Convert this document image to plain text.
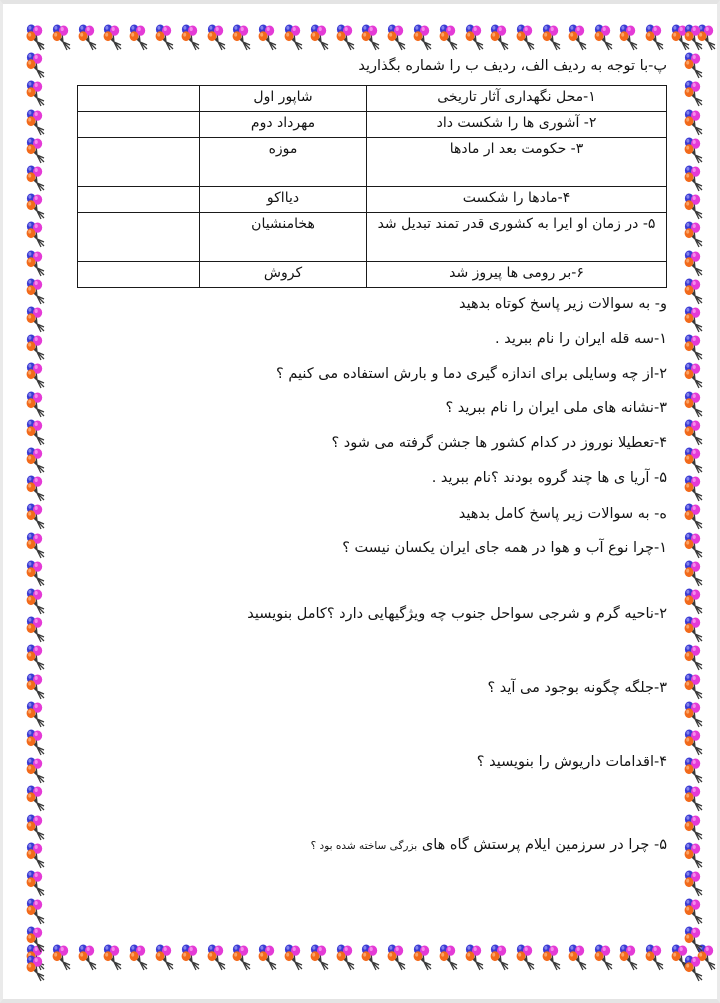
پ-با توجه به ردیف الف، ردیف ب را شماره بگذارید

۱-محل نگهداری آثار تاریخی	شاپور اول	
۲- آشوری ها را شکست داد	مهرداد دوم	
۳- حکومت بعد ار مادها	موزه	
۴-مادها را شکست	دیااکو	
۵- در زمان او ایرا به کشوری قدر تمند تبدیل شد	هخامنشیان	
۶-بر رومی ها پیروز شد	کروش	
و- به سوالات زیر پاسخ کوتاه بدهید
۱-سه قله ایران را نام ببرید .
۲-از چه وسایلی برای اندازه گیری دما و بارش استفاده می کنیم ؟
۳-نشانه های ملی ایران را نام ببرید ؟
۴-تعطیلا نوروز در کدام کشور ها جشن گرفته می شود ؟
۵- آریا ی ها چند گروه بودند ؟نام ببرید .
ه- به سوالات زیر پاسخ کامل بدهید
۱-چرا نوع آب و هوا در همه جای ایران یکسان نیست ؟
۲-ناحیه گرم و شرجی سواحل جنوب چه ویژگیهایی دارد ؟کامل بنویسید
۳-جلگه چگونه بوجود می آید ؟
۴-اقدامات داریوش را بنویسید ؟
۵- چرا در سرزمین ایلام پرستش گاه های بزرگی ساخته شده بود ؟
